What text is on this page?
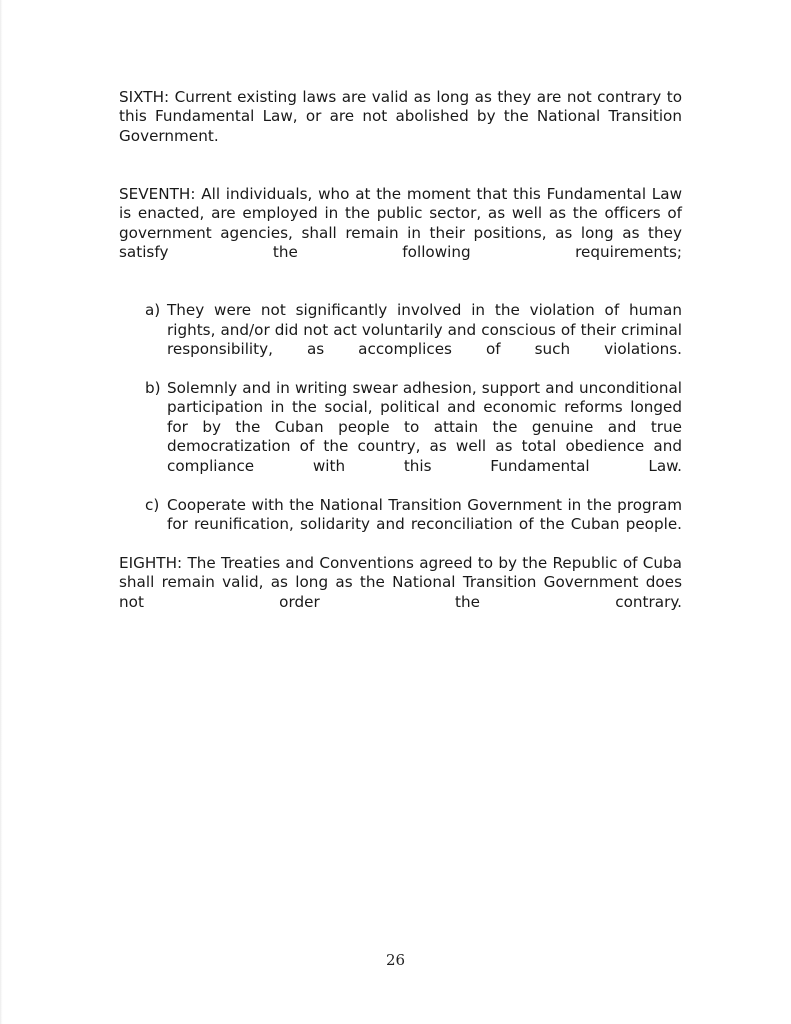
SIXTH: Current existing laws are valid as long as they are not contrary to this Fundamental Law, or are not abolished by the National Transition Government.

SEVENTH: All individuals, who at the moment that this Fundamental Law is enacted, are employed in the public sector, as well as the officers of government agencies, shall remain in their positions, as long as they satisfy the following requirements;

a) They were not significantly involved in the violation of human rights, and/or did not act voluntarily and conscious of their criminal responsibility, as accomplices of such violations.
b) Solemnly and in writing swear adhesion, support and unconditional participation in the social, political and economic reforms longed for by the Cuban people to attain the genuine and true democratization of the country, as well as total obedience and compliance with this Fundamental Law.
c) Cooperate with the National Transition Government in the program for reunification, solidarity and reconciliation of the Cuban people.

EIGHTH: The Treaties and Conventions agreed to by the Republic of Cuba shall remain valid, as long as the National Transition Government does not order the contrary.

26
